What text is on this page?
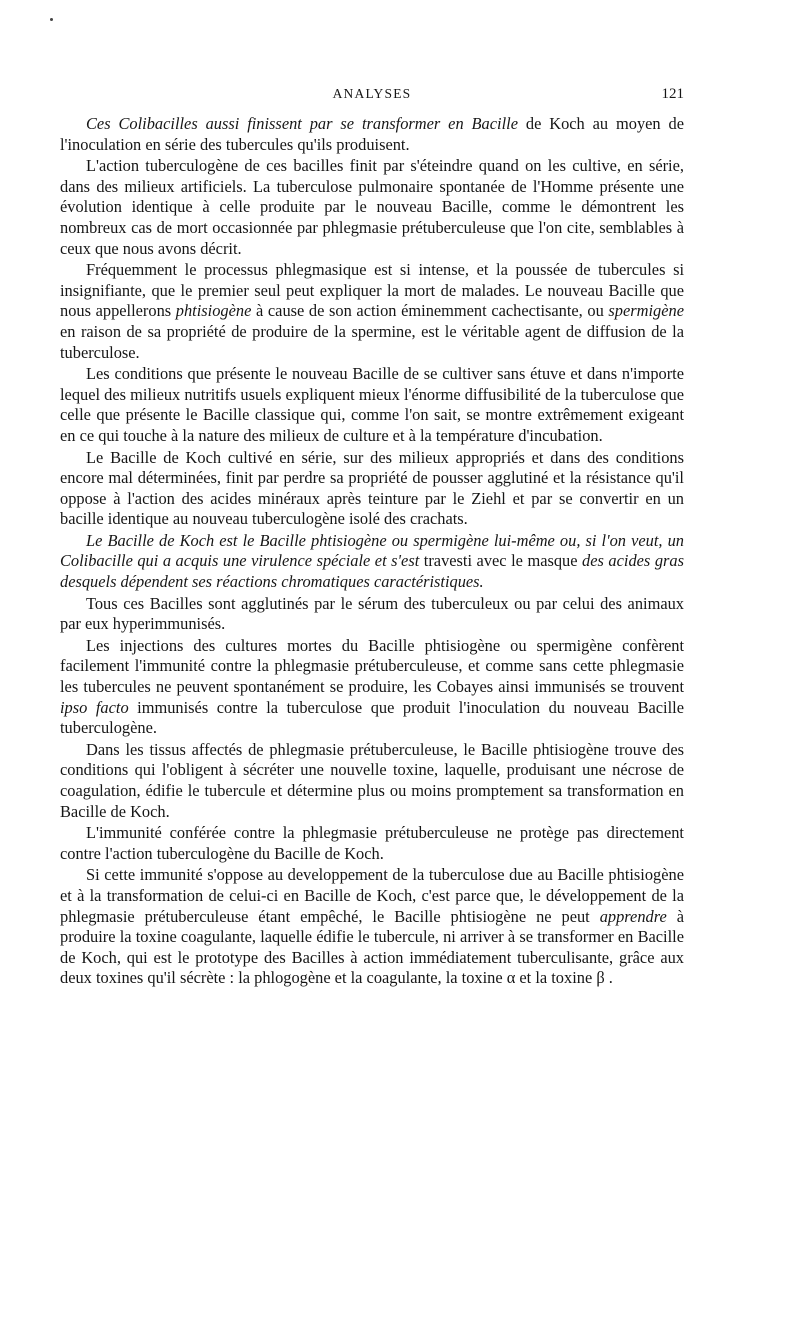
ANALYSES	121

Ces Colibacilles aussi finissent par se transformer en Bacille de Koch au moyen de l'inoculation en série des tubercules qu'ils produisent.

L'action tuberculogène de ces bacilles finit par s'éteindre quand on les cultive, en série, dans des milieux artificiels. La tuberculose pulmonaire spontanée de l'Homme présente une évolution identique à celle produite par le nouveau Bacille, comme le démontrent les nombreux cas de mort occasionnée par phlegmasie prétuberculeuse que l'on cite, semblables à ceux que nous avons décrit.

Fréquemment le processus phlegmasique est si intense, et la poussée de tubercules si insignifiante, que le premier seul peut expliquer la mort de malades. Le nouveau Bacille que nous appellerons phtisiogène à cause de son action éminemment cachectisante, ou spermigène en raison de sa propriété de produire de la spermine, est le véritable agent de diffusion de la tuberculose.

Les conditions que présente le nouveau Bacille de se cultiver sans étuve et dans n'importe lequel des milieux nutritifs usuels expliquent mieux l'énorme diffusibilité de la tuberculose que celle que présente le Bacille classique qui, comme l'on sait, se montre extrêmement exigeant en ce qui touche à la nature des milieux de culture et à la température d'incubation.

Le Bacille de Koch cultivé en série, sur des milieux appropriés et dans des conditions encore mal déterminées, finit par perdre sa propriété de pousser agglutiné et la résistance qu'il oppose à l'action des acides minéraux après teinture par le Ziehl et par se convertir en un bacille identique au nouveau tuberculogène isolé des crachats.

Le Bacille de Koch est le Bacille phtisiogène ou spermigène lui-même ou, si l'on veut, un Colibacille qui a acquis une virulence spéciale et s'est travesti avec le masque des acides gras desquels dépendent ses réactions chromatiques caractéristiques.

Tous ces Bacilles sont agglutinés par le sérum des tuberculeux ou par celui des animaux par eux hyperimmunisés.

Les injections des cultures mortes du Bacille phtisiogène ou spermigène confèrent facilement l'immunité contre la phlegmasie prétuberculeuse, et comme sans cette phlegmasie les tubercules ne peuvent spontanément se produire, les Cobayes ainsi immunisés se trouvent ipso facto immunisés contre la tuberculose que produit l'inoculation du nouveau Bacille tuberculogène.

Dans les tissus affectés de phlegmasie prétuberculeuse, le Bacille phtisiogène trouve des conditions qui l'obligent à sécréter une nouvelle toxine, laquelle, produisant une nécrose de coagulation, édifie le tubercule et détermine plus ou moins promptement sa transformation en Bacille de Koch.

L'immunité conférée contre la phlegmasie prétuberculeuse ne protège pas directement contre l'action tuberculogène du Bacille de Koch.

Si cette immunité s'oppose au developpement de la tuberculose due au Bacille phtisiogène et à la transformation de celui-ci en Bacille de Koch, c'est parce que, le développement de la phlegmasie prétuberculeuse étant empêché, le Bacille phtisiogène ne peut apprendre à produire la toxine coagulante, laquelle édifie le tubercule, ni arriver à se transformer en Bacille de Koch, qui est le prototype des Bacilles à action immédiatement tuberculisante, grâce aux deux toxines qu'il sécrète : la phlogogène et la coagulante, la toxine α et la toxine β .
